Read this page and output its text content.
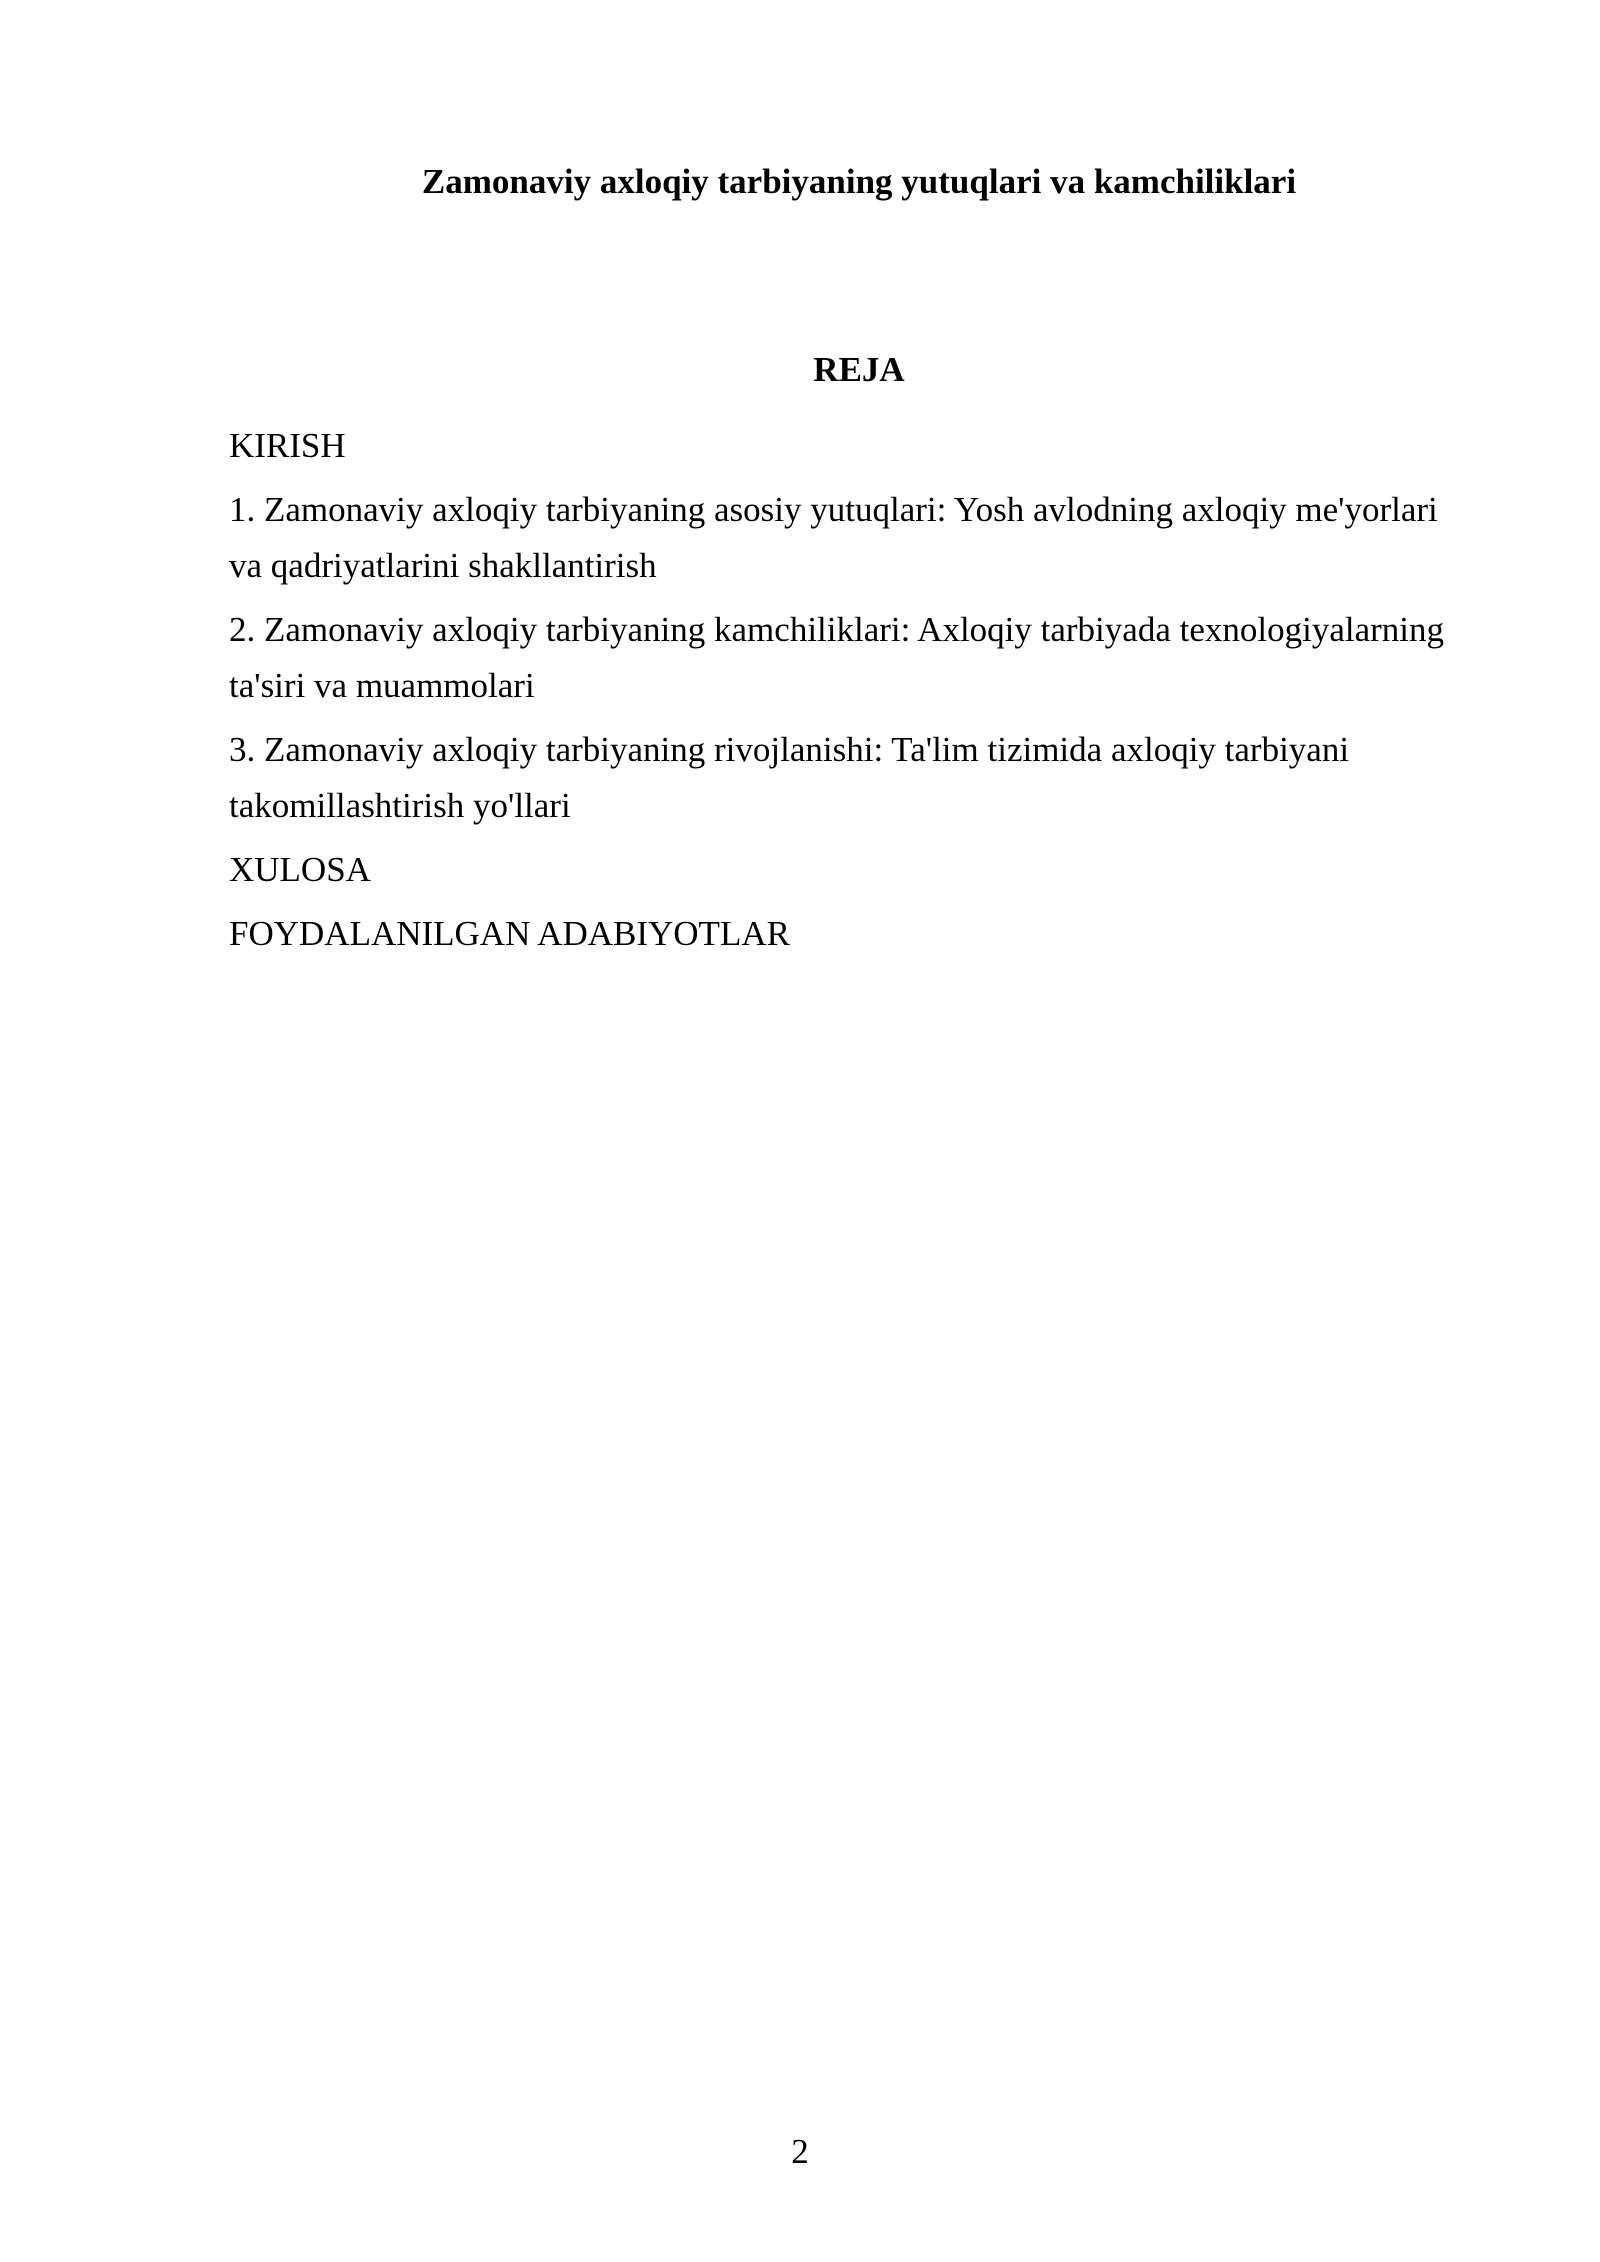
Zamonaviy axloqiy tarbiyaning yutuqlari va kamchiliklari
REJA
KIRISH
1. Zamonaviy axloqiy tarbiyaning asosiy yutuqlari: Yosh avlodning axloqiy me'yorlari va qadriyatlarini shakllantirish
2. Zamonaviy axloqiy tarbiyaning kamchiliklari: Axloqiy tarbiyada texnologiyalarning ta'siri va muammolari
3. Zamonaviy axloqiy tarbiyaning rivojlanishi: Ta'lim tizimida axloqiy tarbiyani takomillashtirish yo'llari
XULOSA
FOYDALANILGAN ADABIYOTLAR
2
